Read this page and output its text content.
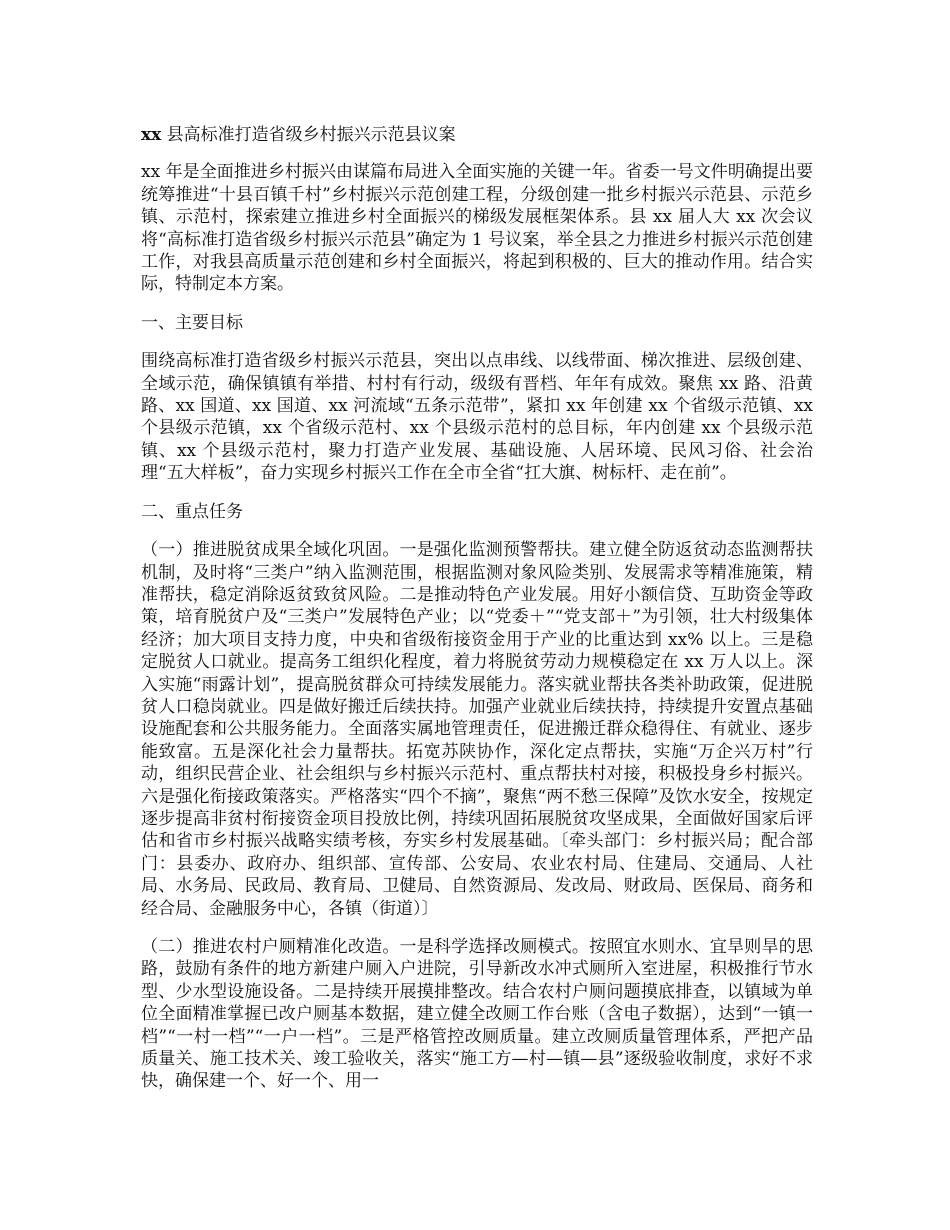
xx 县高标准打造省级乡村振兴示范县议案

xx 年是全面推进乡村振兴由谋篇布局进入全面实施的关键一年。省委一号文件明确提出要统筹推进“十县百镇千村”乡村振兴示范创建工程，分级创建一批乡村振兴示范县、示范乡镇、示范村，探索建立推进乡村全面振兴的梯级发展框架体系。县 xx 届人大 xx 次会议将“高标准打造省级乡村振兴示范县”确定为 1 号议案，举全县之力推进乡村振兴示范创建工作，对我县高质量示范创建和乡村全面振兴，将起到积极的、巨大的推动作用。结合实际，特制定本方案。

一、主要目标

围绕高标准打造省级乡村振兴示范县，突出以点串线、以线带面、梯次推进、层级创建、全域示范，确保镇镇有举措、村村有行动，级级有晋档、年年有成效。聚焦 xx 路、沿黄路、xx 国道、xx 国道、xx 河流域“五条示范带”，紧扣 xx 年创建 xx 个省级示范镇、xx 个县级示范镇，xx 个省级示范村、xx 个县级示范村的总目标，年内创建 xx 个县级示范镇、xx 个县级示范村，聚力打造产业发展、基础设施、人居环境、民风习俗、社会治理“五大样板”，奋力实现乡村振兴工作在全市全省“扛大旗、树标杆、走在前”。

二、重点任务

（一）推进脱贫成果全域化巩固。一是强化监测预警帮扶。建立健全防返贫动态监测帮扶机制，及时将“三类户”纳入监测范围，根据监测对象风险类别、发展需求等精准施策，精准帮扶，稳定消除返贫致贫风险。二是推动特色产业发展。用好小额信贷、互助资金等政策，培育脱贫户及“三类户”发展特色产业；以“党委＋”“党支部＋”为引领，壮大村级集体经济；加大项目支持力度，中央和省级衔接资金用于产业的比重达到 xx% 以上。三是稳定脱贫人口就业。提高务工组织化程度，着力将脱贫劳动力规模稳定在 xx 万人以上。深入实施“雨露计划”，提高脱贫群众可持续发展能力。落实就业帮扶各类补助政策，促进脱贫人口稳岗就业。四是做好搬迁后续扶持。加强产业就业后续扶持，持续提升安置点基础设施配套和公共服务能力。全面落实属地管理责任，促进搬迁群众稳得住、有就业、逐步能致富。五是深化社会力量帮扶。拓宽苏陕协作，深化定点帮扶，实施“万企兴万村”行动，组织民营企业、社会组织与乡村振兴示范村、重点帮扶村对接，积极投身乡村振兴。六是强化衔接政策落实。严格落实“四个不摘”，聚焦“两不愁三保障”及饮水安全，按规定逐步提高非贫村衔接资金项目投放比例，持续巩固拓展脱贫攻坚成果，全面做好国家后评估和省市乡村振兴战略实绩考核，夯实乡村发展基础。〔牵头部门：乡村振兴局；配合部门：县委办、政府办、组织部、宣传部、公安局、农业农村局、住建局、交通局、人社局、水务局、民政局、教育局、卫健局、自然资源局、发改局、财政局、医保局、商务和经合局、金融服务中心，各镇（街道）〕

（二）推进农村户厕精准化改造。一是科学选择改厕模式。按照宜水则水、宜旱则旱的思路，鼓励有条件的地方新建户厕入户进院，引导新改水冲式厕所入室进屋，积极推行节水型、少水型设施设备。二是持续开展摸排整改。结合农村户厕问题摸底排查，以镇域为单位全面精准掌握已改户厕基本数据，建立健全改厕工作台账（含电子数据），达到“一镇一档”“一村一档”“一户一档”。三是严格管控改厕质量。建立改厕质量管理体系，严把产品质量关、施工技术关、竣工验收关，落实“施工方—村—镇—县”逐级验收制度，求好不求快，确保建一个、好一个、用一
